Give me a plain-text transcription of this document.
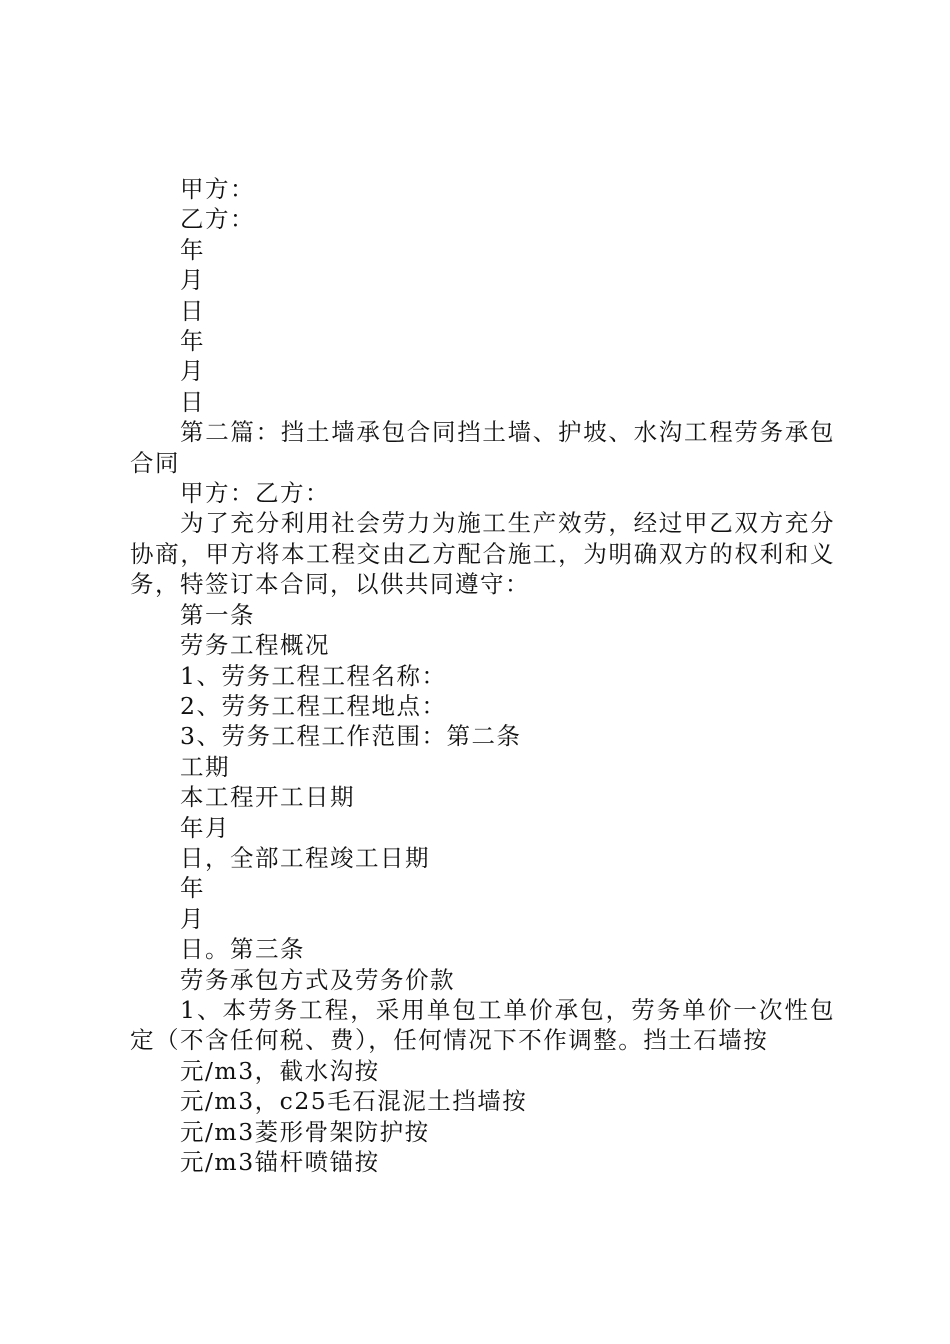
甲方：

乙方：

年

月

日

年

月

日

第二篇：挡土墙承包合同挡土墙、护坡、水沟工程劳务承包合同

甲方：乙方：

为了充分利用社会劳力为施工生产效劳，经过甲乙双方充分协商，甲方将本工程交由乙方配合施工，为明确双方的权利和义务，特签订本合同，以供共同遵守：

第一条

劳务工程概况

1、劳务工程工程名称：

2、劳务工程工程地点：

3、劳务工程工作范围：第二条

工期

本工程开工日期

年月

日，全部工程竣工日期

年

月

日。第三条

劳务承包方式及劳务价款

1、本劳务工程，采用单包工单价承包，劳务单价一次性包定（不含任何税、费），任何情况下不作调整。挡土石墙按

元/m3，截水沟按

元/m3，c25毛石混泥土挡墙按

元/m3菱形骨架防护按

元/m3锚杆喷锚按
